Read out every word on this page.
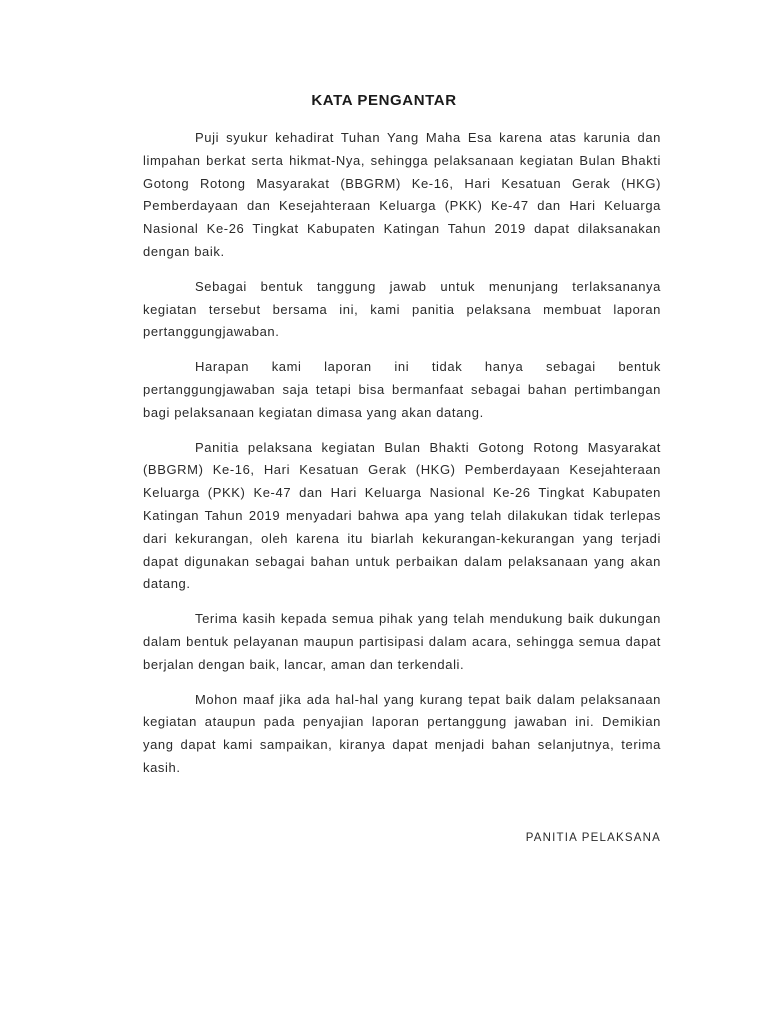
KATA PENGANTAR

Puji syukur kehadirat Tuhan Yang Maha Esa karena atas karunia dan limpahan berkat serta hikmat-Nya, sehingga pelaksanaan kegiatan Bulan Bhakti Gotong Rotong Masyarakat (BBGRM) Ke-16, Hari Kesatuan Gerak (HKG) Pemberdayaan dan Kesejahteraan Keluarga (PKK) Ke-47 dan Hari Keluarga Nasional Ke-26 Tingkat Kabupaten Katingan Tahun 2019 dapat dilaksanakan dengan baik.

Sebagai bentuk tanggung jawab untuk menunjang terlaksananya kegiatan tersebut bersama ini, kami panitia pelaksana membuat laporan pertanggungjawaban.

Harapan kami laporan ini tidak hanya sebagai bentuk pertanggungjawaban saja tetapi bisa bermanfaat sebagai bahan pertimbangan bagi pelaksanaan kegiatan dimasa yang akan datang.

Panitia pelaksana kegiatan Bulan Bhakti Gotong Rotong Masyarakat (BBGRM) Ke-16, Hari Kesatuan Gerak (HKG) Pemberdayaan Kesejahteraan Keluarga (PKK) Ke-47 dan Hari Keluarga Nasional Ke-26 Tingkat Kabupaten Katingan Tahun 2019 menyadari bahwa apa yang telah dilakukan tidak terlepas dari kekurangan, oleh karena itu biarlah kekurangan-kekurangan yang terjadi dapat digunakan sebagai bahan untuk perbaikan dalam pelaksanaan yang akan datang.

Terima kasih kepada semua pihak yang telah mendukung baik dukungan dalam bentuk pelayanan maupun partisipasi dalam acara, sehingga semua dapat berjalan dengan baik, lancar, aman dan terkendali.

Mohon maaf jika ada hal-hal yang kurang tepat baik dalam pelaksanaan kegiatan ataupun pada penyajian laporan pertanggung jawaban ini. Demikian yang dapat kami sampaikan, kiranya dapat menjadi bahan selanjutnya, terima kasih.

PANITIA PELAKSANA
